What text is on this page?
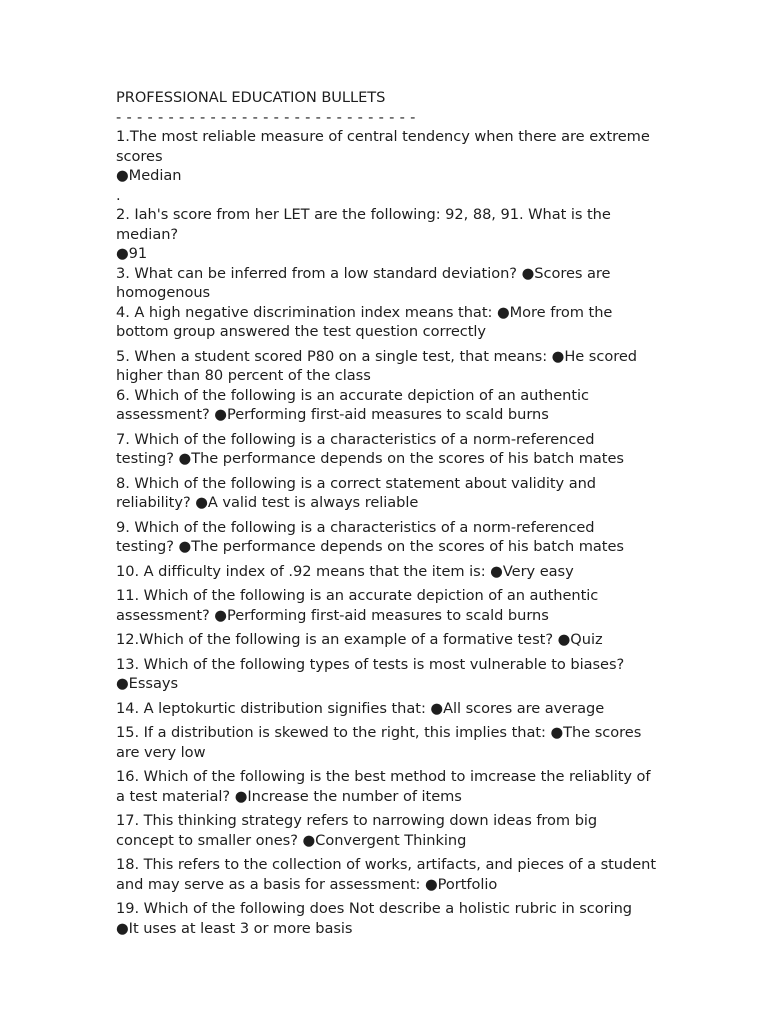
PROFESSIONAL EDUCATION BULLETS
- - - - - - - - - - - - - - - - - - - - - - - - - - - - -
1.The most reliable measure of central tendency when there are extreme scores
●Median
.
2. Iah's score from her LET are the following: 92, 88, 91. What is the median?
●91
3. What can be inferred from a low standard deviation? ●Scores are homogenous
4. A high negative discrimination index means that: ●More from the bottom group answered the test question correctly
5. When a student scored P80 on a single test, that means: ●He scored higher than 80 percent of the class
6. Which of the following is an accurate depiction of an authentic assessment? ●Performing first-aid measures to scald burns
7. Which of the following is a characteristics of a norm-referenced testing? ●The performance depends on the scores of his batch mates
8. Which of the following is a correct statement about validity and reliability? ●A valid test is always reliable
9. Which of the following is a characteristics of a norm-referenced testing? ●The performance depends on the scores of his batch mates
10. A difficulty index of .92 means that the item is: ●Very easy
11. Which of the following is an accurate depiction of an authentic assessment? ●Performing first-aid measures to scald burns
12.Which of the following is an example of a formative test? ●Quiz
13. Which of the following types of tests is most vulnerable to biases? ●Essays
14. A leptokurtic distribution signifies that: ●All scores are average
15. If a distribution is skewed to the right, this implies that: ●The scores are very low
16. Which of the following is the best method to imcrease the reliablity of a test material? ●Increase the number of items
17. This thinking strategy refers to narrowing down ideas from big concept to smaller ones? ●Convergent Thinking
18. This refers to the collection of works, artifacts, and pieces of a student and may serve as a basis for assessment: ●Portfolio
19. Which of the following does Not describe a holistic rubric in scoring ●It uses at least 3 or more basis
